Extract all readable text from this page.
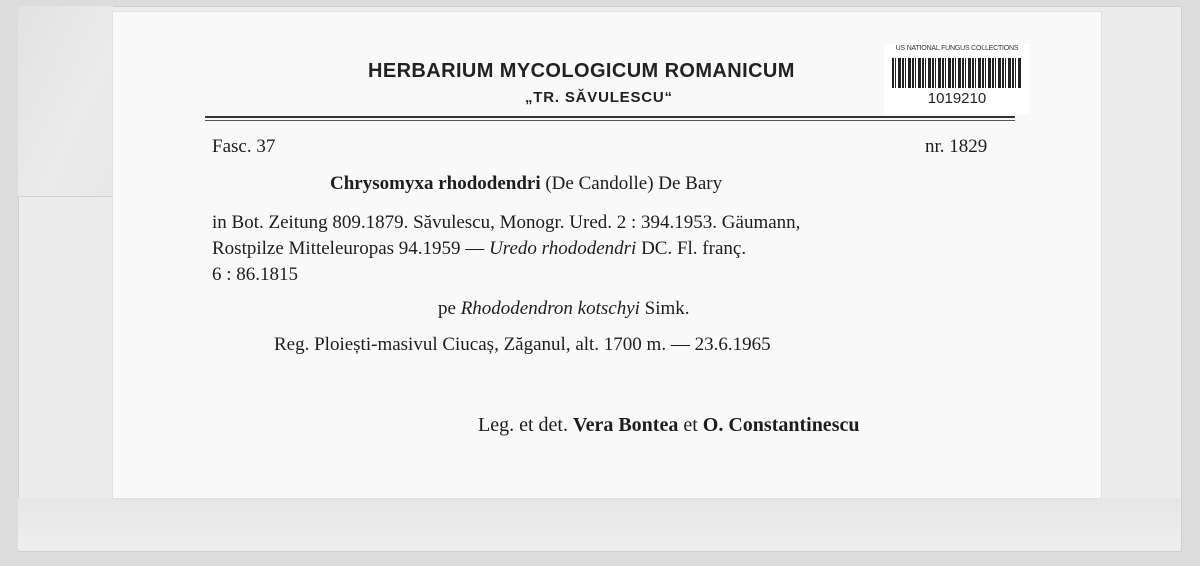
US NATIONAL FUNGUS COLLECTIONS
1019210
HERBARIUM MYCOLOGICUM ROMANICUM
„TR. SĂVULESCU“
Fasc. 37	nr. 1829
Chrysomyxa rhododendri (De Candolle) De Bary
in Bot. Zeitung 809.1879. Săvulescu, Monogr. Ured. 2 : 394.1953. Gäumann,
Rostpilze Mitteleuropas 94.1959 — Uredo rhododendri DC. Fl. franç.
6 : 86.1815
pe Rhododendron kotschyi Simk.
Reg. Ploiești-masivul Ciucaș, Zăganul, alt. 1700 m. — 23.6.1965
Leg. et det. Vera Bontea et O. Constantinescu
